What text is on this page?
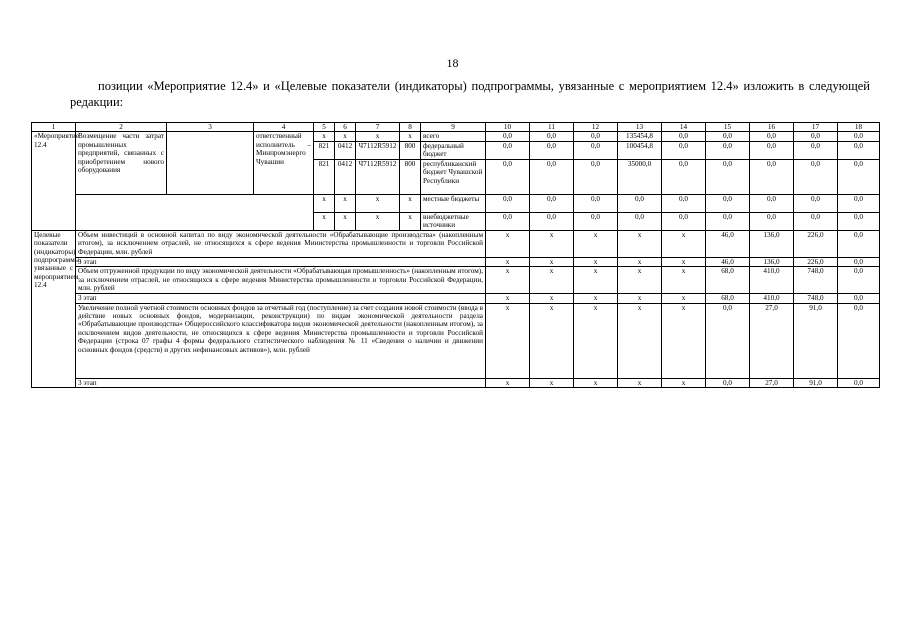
18
позиции «Мероприятие 12.4» и «Целевые показатели (индикаторы) подпрограммы, увязанные с мероприятием 12.4» изложить в следующей редакции:
1	2	3	4	5	6	7	8	9	10	11	12	13	14	15	16	17	18	
«Мероприятие 12.4	Возмещение части затрат промышленных предприятий, связанных с приобретением нового оборудования		ответственный исполнитель – Минпромэнерго Чувашии	x	x	x	x	всего	0,0	0,0	0,0	135454,8	0,0	0,0	0,0	0,0	0,0	
				821	0412	Ч7112R5912	800	федеральный бюджет	0,0	0,0	0,0	100454,8	0,0	0,0	0,0	0,0	0,0	
				821	0412	Ч7112R5912	800	республиканский бюджет Чувашской Республики	0,0	0,0	0,0	35000,0	0,0	0,0	0,0	0,0	0,0	
				x	x	x	x	местные бюджеты	0,0	0,0	0,0	0,0	0,0	0,0	0,0	0,0	0,0	
				x	x	x	x	внебюджетные источники	0,0	0,0	0,0	0,0	0,0	0,0	0,0	0,0	0,0	
Целевые показатели (индикаторы) подпрограммы, увязанные с мероприятием 12.4	Объем инвестиций в основной капитал по виду экономической деятельности «Обрабатывающие производства» (накопленным итогом), за исключением отраслей, не относящихся к сфере ведения Министерства промышленности и торговли Российской Федерации, млн. рублей								x	x	x	x	x	46,0	136,0	226,0	0,0	
	3 этап								x	x	x	x	x	46,0	136,0	226,0	0,0	
	Объем отгруженной продукции по виду экономической деятельности «Обрабатывающая промышленность» (накопленным итогом), за исключением отраслей, не относящихся к сфере ведения Министерства промышленности и торговли Российской Федерации, млн. рублей								x	x	x	x	x	68,0	410,0	748,0	0,0	
	3 этап								x	x	x	x	x	68,0	410,0	748,0	0,0	
	Увеличение полной учетной стоимости основных фондов за отчетный год (поступление) за счет создания новой стоимости (ввода в действие новых основных фондов, модернизации, реконструкции) по видам экономической деятельности раздела «Обрабатывающие производства» Общероссийского классификатора видов экономической деятельности (накопленным итогом), за исключением видов деятельности, не относящихся к сфере ведения Министерства промышленности и торговли Российской Федерации (строка 07 графы 4 формы федерального статистического наблюдения № 11 «Сведения о наличии и движении основных фондов (средств) и других нефинансовых активов»), млн. рублей								x	x	x	x	x	0,0	27,0	91,0	0,0	
	3 этап								x	x	x	x	x	0,0	27,0	91,0	0,0	
